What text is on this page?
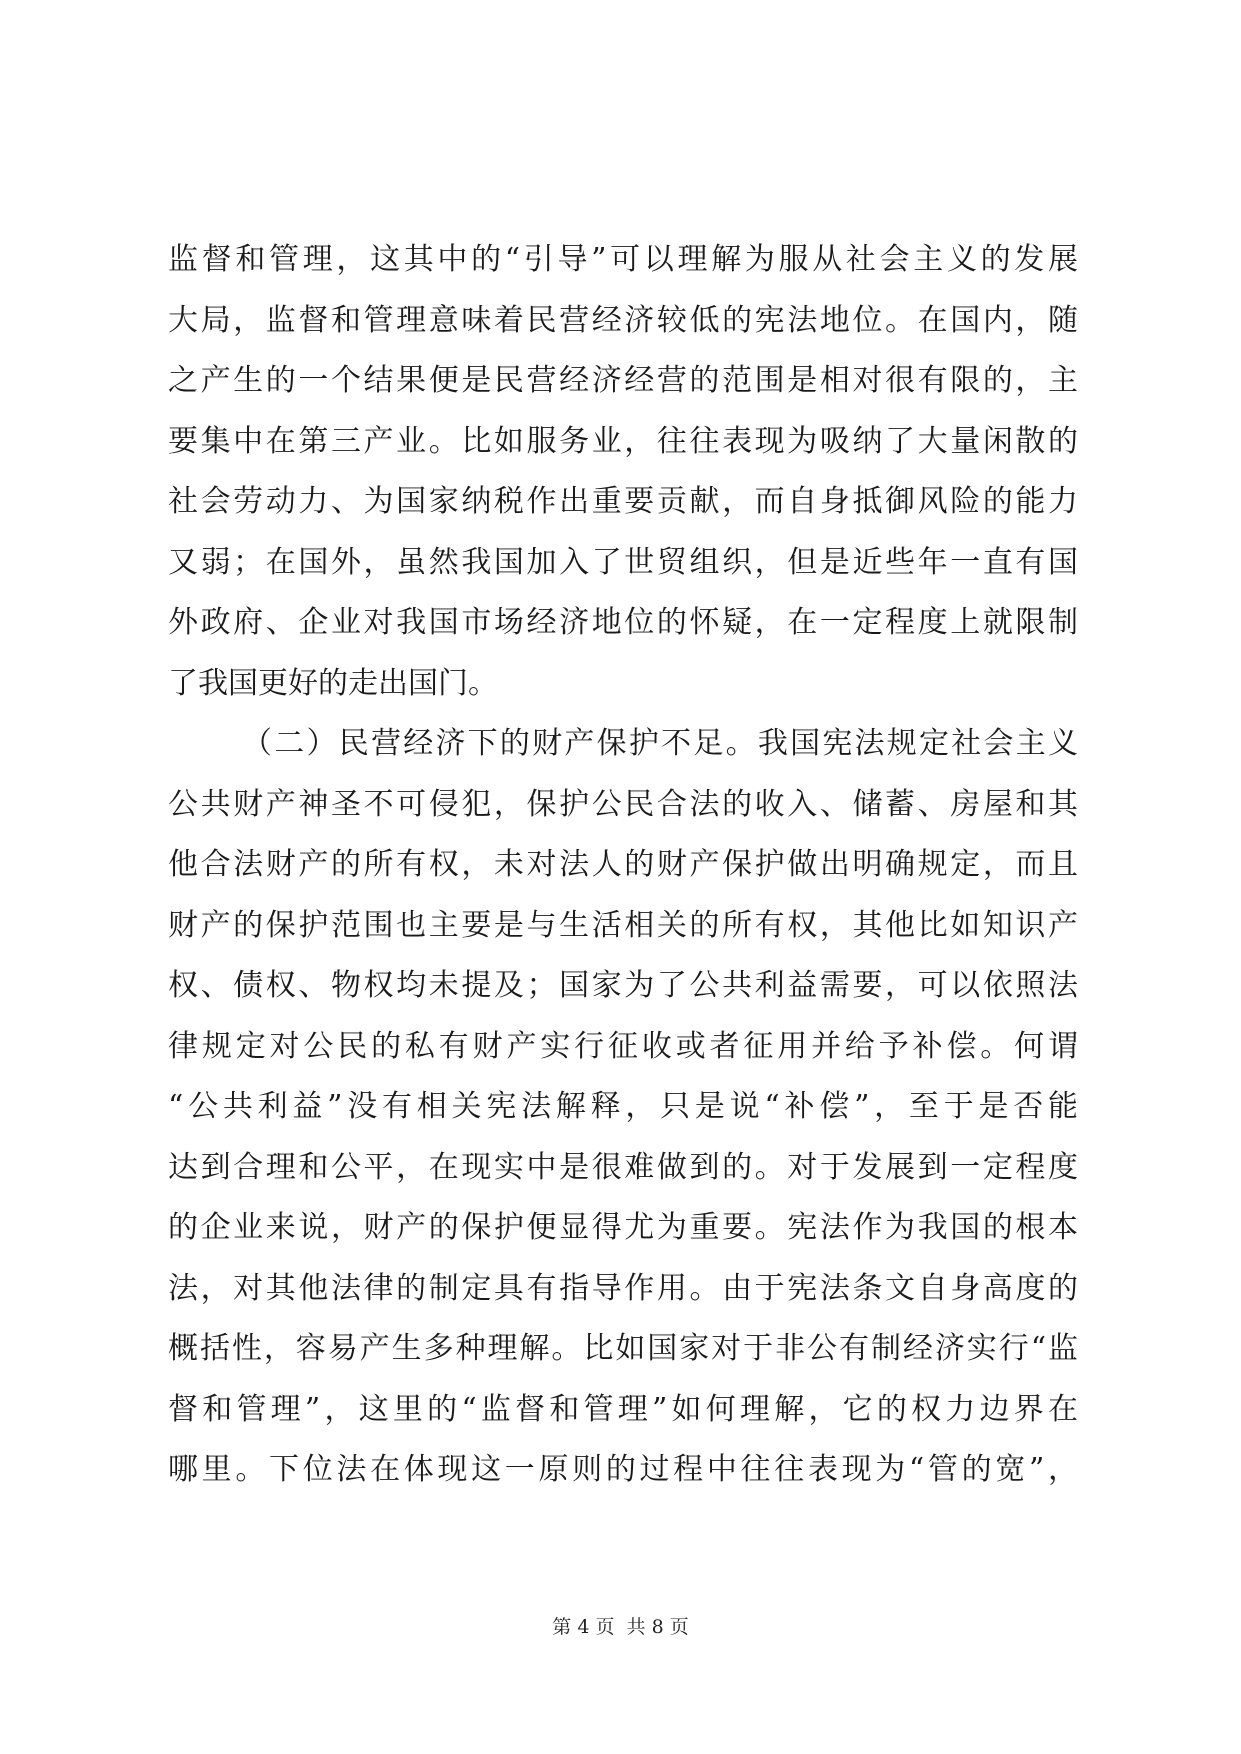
监督和管理，这其中的“引导”可以理解为服从社会主义的发展
大局，监督和管理意味着民营经济较低的宪法地位。在国内，随
之产生的一个结果便是民营经济经营的范围是相对很有限的，主
要集中在第三产业。比如服务业，往往表现为吸纳了大量闲散的
社会劳动力、为国家纳税作出重要贡献，而自身抵御风险的能力
又弱；在国外，虽然我国加入了世贸组织，但是近些年一直有国
外政府、企业对我国市场经济地位的怀疑，在一定程度上就限制
了我国更好的走出国门。
（二）民营经济下的财产保护不足。我国宪法规定社会主义
公共财产神圣不可侵犯，保护公民合法的收入、储蓄、房屋和其
他合法财产的所有权，未对法人的财产保护做出明确规定，而且
财产的保护范围也主要是与生活相关的所有权，其他比如知识产
权、债权、物权均未提及；国家为了公共利益需要，可以依照法
律规定对公民的私有财产实行征收或者征用并给予补偿。何谓
“公共利益”没有相关宪法解释，只是说“补偿”，至于是否能
达到合理和公平，在现实中是很难做到的。对于发展到一定程度
的企业来说，财产的保护便显得尤为重要。宪法作为我国的根本
法，对其他法律的制定具有指导作用。由于宪法条文自身高度的
概括性，容易产生多种理解。比如国家对于非公有制经济实行“监
督和管理”，这里的“监督和管理”如何理解，它的权力边界在
哪里。下位法在体现这一原则的过程中往往表现为“管的宽”，
第 4 页  共 8 页
